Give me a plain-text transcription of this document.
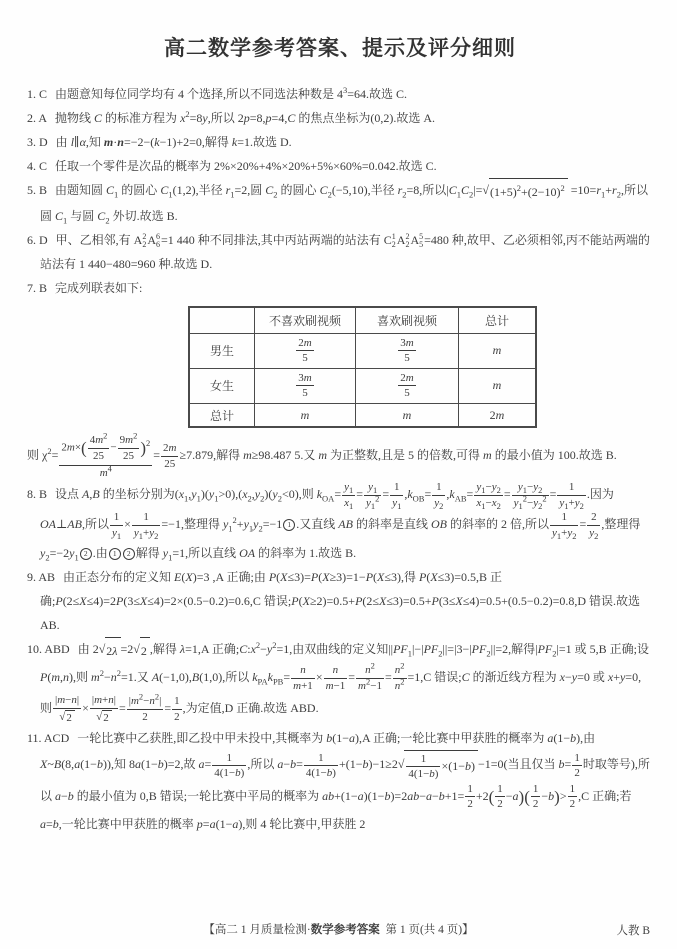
高二数学参考答案、提示及评分细则
1. C 由题意知每位同学均有 4 个选择,所以不同选法种数是 $4^3=64$.故选 C.
2. A 抛物线 C 的标准方程为 $x^2=8y$,所以 2p=8,p=4,C 的焦点坐标为(0,2).故选 A.
3. D 由 l∥α,知 m·n=−2−(k−1)+2=0,解得 k=1.故选 D.
4. C 任取一个零件是次品的概率为 2%×20%+4%×20%+5%×60%=0.042.故选 C.
5. B 由题知圆 $C_1$ 的圆心 $C_1(1,2)$,半径 $r_1=2$,圆 $C_2$ 的圆心 $C_2(-5,10)$,半径 $r_2=8$,所以$|C_1C_2|=√(1+5)^2+(2-10)^2 =10=r_1+r_2$,所以圆 $C_1$ 与圆 $C_2$ 外切.故选 B.
6. D 甲、乙相邻,有 A 2
2 A 6
6 =1 440 种不同排法,其中丙站两端的站法有 C 1
2 A 2
2 A 5
5 =480 种,故甲、乙必须相邻,丙不能站两端的站法有 1 440−480=960 种.故选 D.
7. B 完成列联表如下:
	不喜欢刷视频	喜欢刷视频	总计
男生	$\frac{2m}{5}$	$\frac{3m}{5}$	m
女生	$\frac{3m}{5}$	$\frac{2m}{5}$	m
总计	m	m	2m
则 $\chi^2= \frac{2m\times( \frac{4m^2}{25} - \frac{9m^2}{25} )^2}{m^4} = \frac{2m}{25} \ge 7.879$,解得 m≥98.487 5.又 m 为正整数,且是 5 的倍数,可得 m 的最小值为 100.故选 B.
8. B 设点 A,B 的坐标分别为$(x_1,y_1)(y_1>0),(x_2,y_2)(y_2<0)$,则 $k_{OA}= \frac{y_1}{x_1} = \frac{y_1}{y_1^2} = \frac{1}{y_1} ,k_{OB}= \frac{1}{y_2} ,k_{AB}= \frac{y_1-y_2}{x_1-x_2} = \frac{y_1-y_2}{y_1^2-y_2^2} = \frac{1}{y_1+y_2}$ .因为 OA⊥AB,所以 $\frac{1}{y_1} \times \frac{1}{y_1+y_2} =-1$,整理得 $y_1^2+y_1y_2=-1$ 1 .又直线 AB 的斜率是直线 OB 的斜率的 2 倍,所以 $\frac{1}{y_1+y_2} = \frac{2}{y_2}$ ,整理得 $y_2=-2y_1$ 2 .由 1 2 解得 $y_1=1$,所以直线 OA 的斜率为 1.故选 B.
9. AB 由正态分布的定义知 E(X)=3 ,A 正确;由 P(X≤3)=P(X≥3)=1−P(X≤3),得 P(X≤3)=0.5,B 正确;P(2≤X≤4)=2P(3≤X≤4)=2×(0.5−0.2)=0.6,C 错误;P(X≥2)=0.5+P(2≤X≤3)=0.5+P(3≤X≤4)=0.5+(0.5−0.2)=0.8,D 错误.故选 AB.
10. ABD 由 2√2λ =2√2 ,解得 λ=1,A 正确$;C:x^2-y^2=1$,由双曲线的定义知$||PF_1|-|PF_2||=|3-|PF_2||=2$,解得$|PF_2|=1$ 或 5,B 正确;设 P(m,n),则 $m^2-n^2=1$.又 A(−1,0),B(1,0),所以 $k_{PA}k_{PB}= \frac{n}{m+1} \times \frac{n}{m-1} = \frac{n^2}{m^2-1} = \frac{n^2}{n^2} =1,C$ 错误;C 的渐近线方程为 x−y=0 或 x+y=0,则 $\frac{|m-n|}{√2} \times \frac{|m+n|}{√2} = \frac{|m^2-n^2|}{2} = \frac{1}{2}$ ,为定值,D 正确.故选 ABD.
11. ACD 一轮比赛中乙获胜,即乙投中甲未投中,其概率为 b(1−a),A 正确;一轮比赛中甲获胜的概率为 a(1−b),由 X~B(8,a(1−b)),知 8a(1−b)=2,故 $a= \frac{1}{4(1-b)}$ ,所以 $a-b= \frac{1}{4(1-b)} +(1-b)-1\ge 2√ \frac{1}{4(1-b)} \times(1-b) -1=0$(当且仅当 $b= \frac{1}{2}$ 时取等号),所以 a−b 的最小值为 0,B 错误;一轮比赛中平局的概率为 $ab+(1-a)(1-b)=2ab-a-b+1= \frac{1}{2} +2( \frac{1}{2} -a)( \frac{1}{2} -b)> \frac{1}{2} ,C$ 正确;若 a=b,一轮比赛中甲获胜的概率 p=a(1−a),则 4 轮比赛中,甲获胜 2
【高二 1 月质量检测·数学参考答案  第 1 页(共 4 页)】	人教 B
